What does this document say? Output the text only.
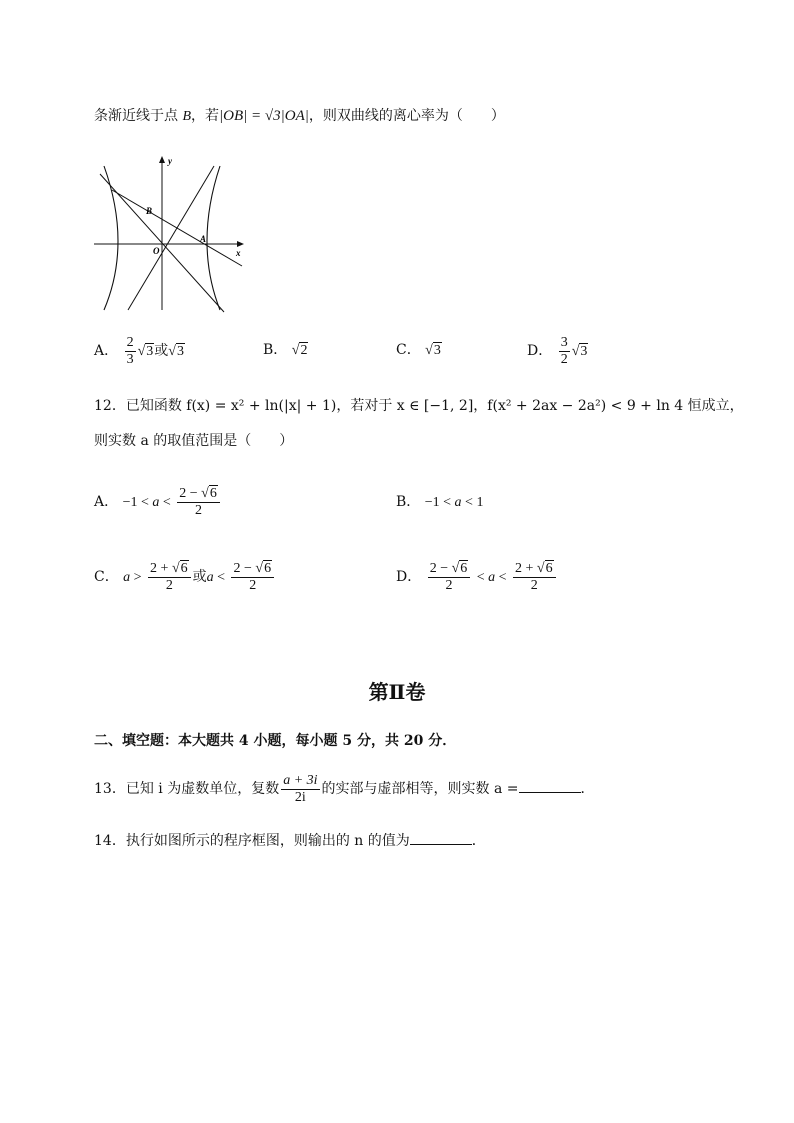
条渐近线于点 B，若|OB| = √3|OA|，则双曲线的离心率为（　　）
y
x
O
A
B
A． $\frac{2}{3} √3$或√3	B． √2	C． √3	D． $\frac{3}{2} √3$
12．已知函数 f(x) = x² + ln(|x| + 1)，若对于 x ∈ [−1, 2]，f(x² + 2ax − 2a²) < 9 + ln 4 恒成立，
则实数 a 的取值范围是（　　）
A． $-1 < a < \frac{2 - √6}{2}$	B． −1 < a < 1
C． $a > \frac{2 + √6}{2}$ 或$a < \frac{2 - √6}{2}$	D． $\frac{2 - √6}{2} < a < \frac{2 + √6}{2}$
第Ⅱ卷
二、填空题：本大题共 4 小题，每小题 5 分，共 20 分．
13．已知 i 为虚数单位，复数 $\frac{a + 3i}{2i}$ 的实部与虚部相等，则实数 a =	．
14．执行如图所示的程序框图，则输出的 n 的值为	．
